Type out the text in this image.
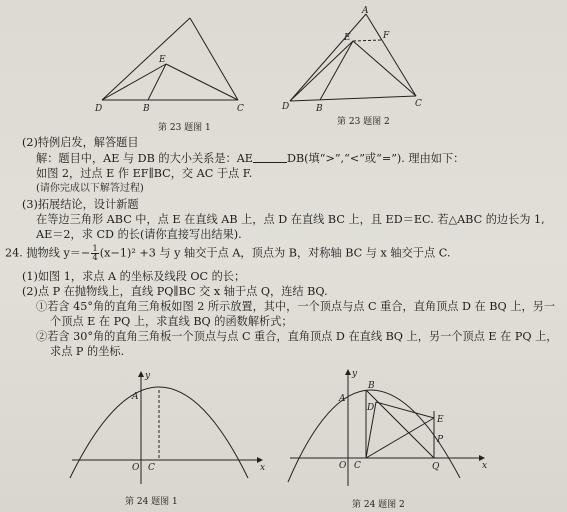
D	B	C
E
第 23 题图 1
A
E	F
D	B	C
第 23 题图 2
(2)特例启发，解答题目
解：题目中，AE 与 DB 的大小关系是：AE	DB(填“>”,“<”或“=”). 理由如下：
如图 2，过点 E 作 EF∥BC，交 AC 于点 F.
(请你完成以下解答过程)
(3)拓展结论，设计新题
在等边三角形 ABC 中，点 E 在直线 AB 上，点 D 在直线 BC 上，且 ED＝EC. 若△ABC 的边长为 1,
AE＝2，求 CD 的长(请你直接写出结果).
24. 抛物线 $y=- \frac{1}{4} (x-1)^2 +3$ 与 y 轴交于点 A，顶点为 B，对称轴 BC 与 x 轴交于点 C.
(1)如图 1，求点 A 的坐标及线段 OC 的长；
(2)点 P 在抛物线上，直线 PQ∥BC 交 x 轴于点 Q，连结 BQ.
①若含 45°角的直角三角板如图 2 所示放置，其中，一个顶点与点 C 重合，直角顶点 D 在 BQ 上，另一
个顶点 E 在 PQ 上，求直线 BQ 的函数解析式；
②若含 30°角的直角三角板一个顶点与点 C 重合，直角顶点 D 在直线 BQ 上，另一个顶点 E 在 PQ 上，
求点 P 的坐标.
y
x
A
O C
第 24 题图 1
y
x
A
B
D
E
P
O C	Q
第 24 题图 2
